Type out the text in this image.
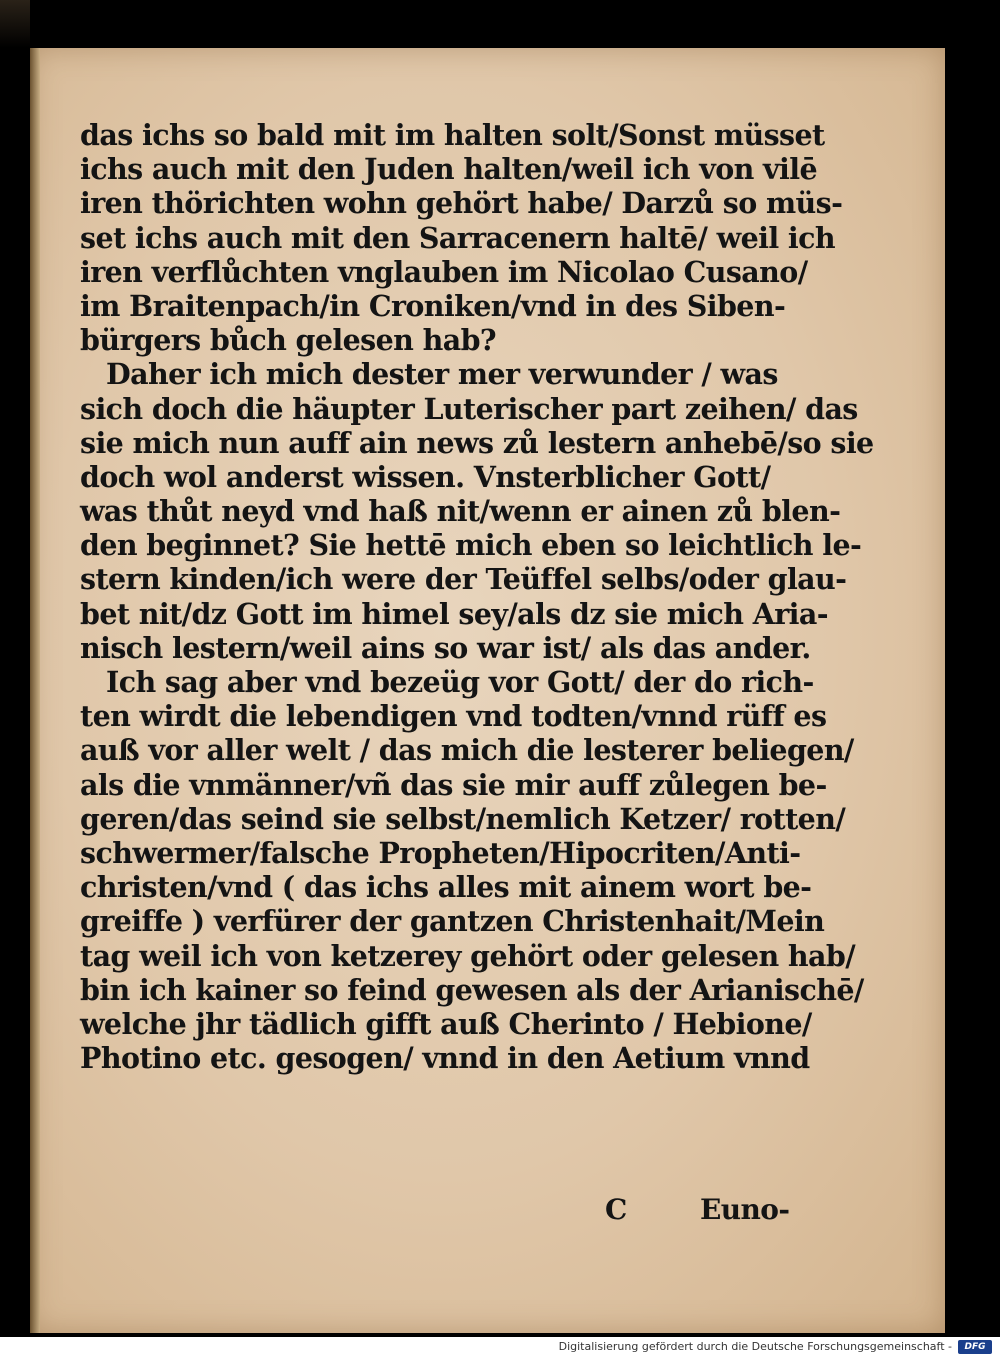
das ichs so bald mit im halten solt/Sonst müsset
ichs auch mit den Juden halten/weil ich von vilē
iren thörichten wohn gehört habe/ Darzů so müs‑
set ichs auch mit den Sarracenern haltē/ weil ich
iren verflůchten vnglauben im Nicolao Cusano/
im Braitenpach/in Croniken/vnd in des Siben‑
bürgers bůch gelesen hab?
Daher ich mich dester mer verwunder / was
sich doch die häupter Luterischer part zeihen/ das
sie mich nun auff ain news zů lestern anhebē/so sie
doch wol anderst wissen. Vnsterblicher Gott/
was thůt neyd vnd haß nit/wenn er ainen zů blen‑
den beginnet? Sie hettē mich eben so leichtlich le‑
stern kinden/ich were der Teüffel selbs/oder glau‑
bet nit/dz Gott im himel sey/als dz sie mich Aria‑
nisch lestern/weil ains so war ist/ als das ander.
Ich sag aber vnd bezeüg vor Gott/ der do rich‑
ten wirdt die lebendigen vnd todten/vnnd rüff es
auß vor aller welt / das mich die lesterer beliegen/
als die vnmänner/vñ das sie mir auff zůlegen be‑
geren/das seind sie selbst/nemlich Ketzer/ rotten/
schwermer/falsche Propheten/Hipocriten/Anti‑
christen/vnd ( das ichs alles mit ainem wort be‑
greiffe ) verfürer der gantzen Christenhait/Mein
tag weil ich von ketzerey gehört oder gelesen hab/
bin ich kainer so feind gewesen als der Arianischē/
welche jhr tädlich gifft auß Cherinto / Hebione/
Photino etc. gesogen/ vnnd in den Aetium vnnd
C	Euno‑
Digitalisierung gefördert durch die Deutsche Forschungsgemeinschaft -	DFG
